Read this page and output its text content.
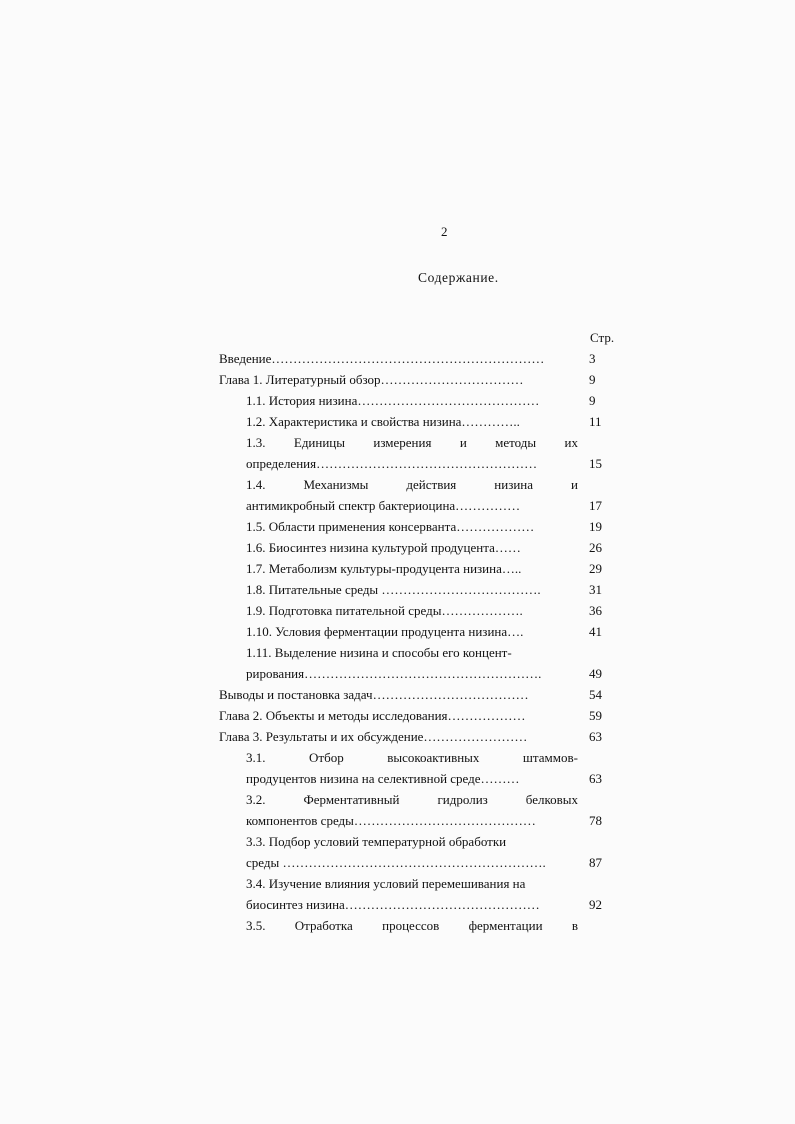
2
Содержание.
Стр.
Введение………………………………………………………	3
Глава 1. Литературный обзор……………………………	9
1.1. История низина……………………………………	9
1.2. Характеристика и свойства низина…………..	11
1.3. Единицы измерения и методы их
определения……………………………………………	15
1.4.	Механизмы	действия	низина	и
антимикробный спектр бактериоцина……………	17
1.5. Области применения консерванта………………	19
1.6. Биосинтез низина культурой продуцента……	26
1.7. Метаболизм культуры-продуцента низина…..	29
1.8. Питательные среды ……………………………….	31
1.9. Подготовка питательной среды……………….	36
1.10. Условия ферментации продуцента низина….	41
1.11. Выделение низина и способы его концент-
рирования……………………………………………….	49
Выводы и постановка задач………………………………	54
Глава 2. Объекты и методы исследования………………	59
Глава 3. Результаты и их обсуждение……………………	63
3.1.	Отбор	высокоактивных	штаммов-
продуцентов низина на селективной среде………	63
3.2.	Ферментативный	гидролиз	белковых
компонентов среды……………………………………	78
3.3. Подбор условий температурной обработки
среды …………………………………………………….	87
3.4. Изучение влияния условий перемешивания на
биосинтез низина………………………………………	92
3.5. Отработка процессов ферментации в
